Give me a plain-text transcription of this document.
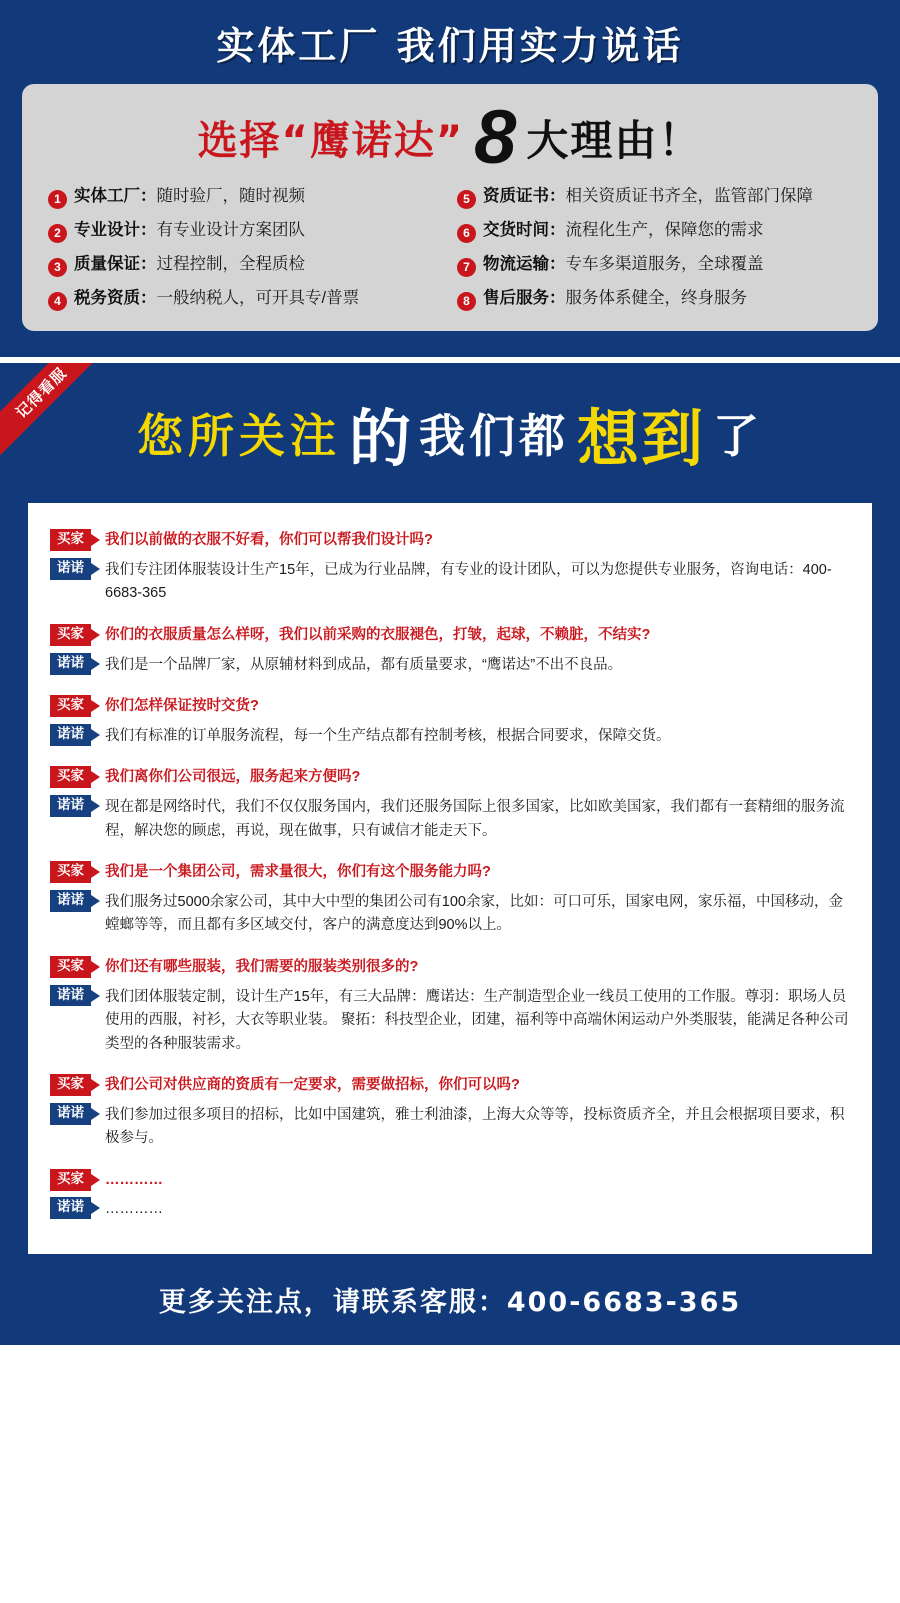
实体工厂 我们用实力说话
选择“鹰诺达” 8 大理由！
1 实体工厂： 随时验厂，随时视频	5 资质证书： 相关资质证书齐全，监管部门保障
2 专业设计： 有专业设计方案团队	6 交货时间： 流程化生产，保障您的需求
3 质量保证： 过程控制，全程质检	7 物流运输： 专车多渠道服务，全球覆盖
4 税务资质： 一般纳税人，可开具专/普票	8 售后服务： 服务体系健全，终身服务
记得看服
您所关注 的 我们都 想到 了
买家	我们以前做的衣服不好看，你们可以帮我们设计吗?
诺诺	我们专注团体服装设计生产15年，已成为行业品牌，有专业的设计团队，可以为您提供专业服务，咨询电话：400-6683-365
买家	你们的衣服质量怎么样呀，我们以前采购的衣服褪色，打皱，起球，不赖脏，不结实?
诺诺	我们是一个品牌厂家，从原辅材料到成品，都有质量要求，“鹰诺达”不出不良品。
买家	你们怎样保证按时交货?
诺诺	我们有标准的订单服务流程，每一个生产结点都有控制考核，根据合同要求，保障交货。
买家	我们离你们公司很远，服务起来方便吗?
诺诺	现在都是网络时代，我们不仅仅服务国内，我们还服务国际上很多国家，比如欧美国家，我们都有一套精细的服务流程，解决您的顾虑，再说，现在做事，只有诚信才能走天下。
买家	我们是一个集团公司，需求量很大，你们有这个服务能力吗?
诺诺	我们服务过5000余家公司，其中大中型的集团公司有100余家，比如：可口可乐，国家电网，家乐福，中国移动，金螳螂等等，而且都有多区域交付，客户的满意度达到90%以上。
买家	你们还有哪些服装，我们需要的服装类别很多的?
诺诺	我们团体服装定制，设计生产15年，有三大品牌：鹰诺达：生产制造型企业一线员工使用的工作服。尊羽：职场人员使用的西服，衬衫，大衣等职业装。 聚拓：科技型企业，团建，福利等中高端休闲运动户外类服装，能满足各种公司类型的各种服装需求。
买家	我们公司对供应商的资质有一定要求，需要做招标，你们可以吗?
诺诺	我们参加过很多项目的招标，比如中国建筑，雅士利油漆，上海大众等等，投标资质齐全，并且会根据项目要求，积极参与。
买家	…………
诺诺	…………
更多关注点，请联系客服：400-6683-365
